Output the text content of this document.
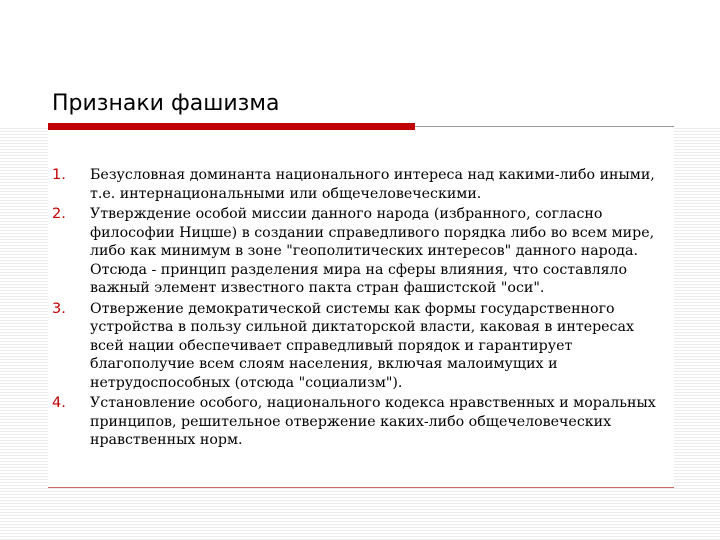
Признаки фашизма
1. Безусловная доминанта национального интереса над какими-либо иными,
т.е. интернациональными или общечеловеческими.
2. Утверждение особой миссии данного народа (избранного, согласно
философии Ницше) в создании справедливого порядка либо во всем мире,
либо как минимум в зоне "геополитических интересов" данного народа.
Отсюда - принцип разделения мира на сферы влияния, что составляло
важный элемент известного пакта стран фашистской "оси".
3. Отвержение демократической системы как формы государственного
устройства в пользу сильной диктаторской власти, каковая в интересах
всей нации обеспечивает справедливый порядок и гарантирует
благополучие всем слоям населения, включая малоимущих и
нетрудоспособных (отсюда "социализм").
4. Установление особого, национального кодекса нравственных и моральных
принципов, решительное отвержение каких-либо общечеловеческих
нравственных норм.
